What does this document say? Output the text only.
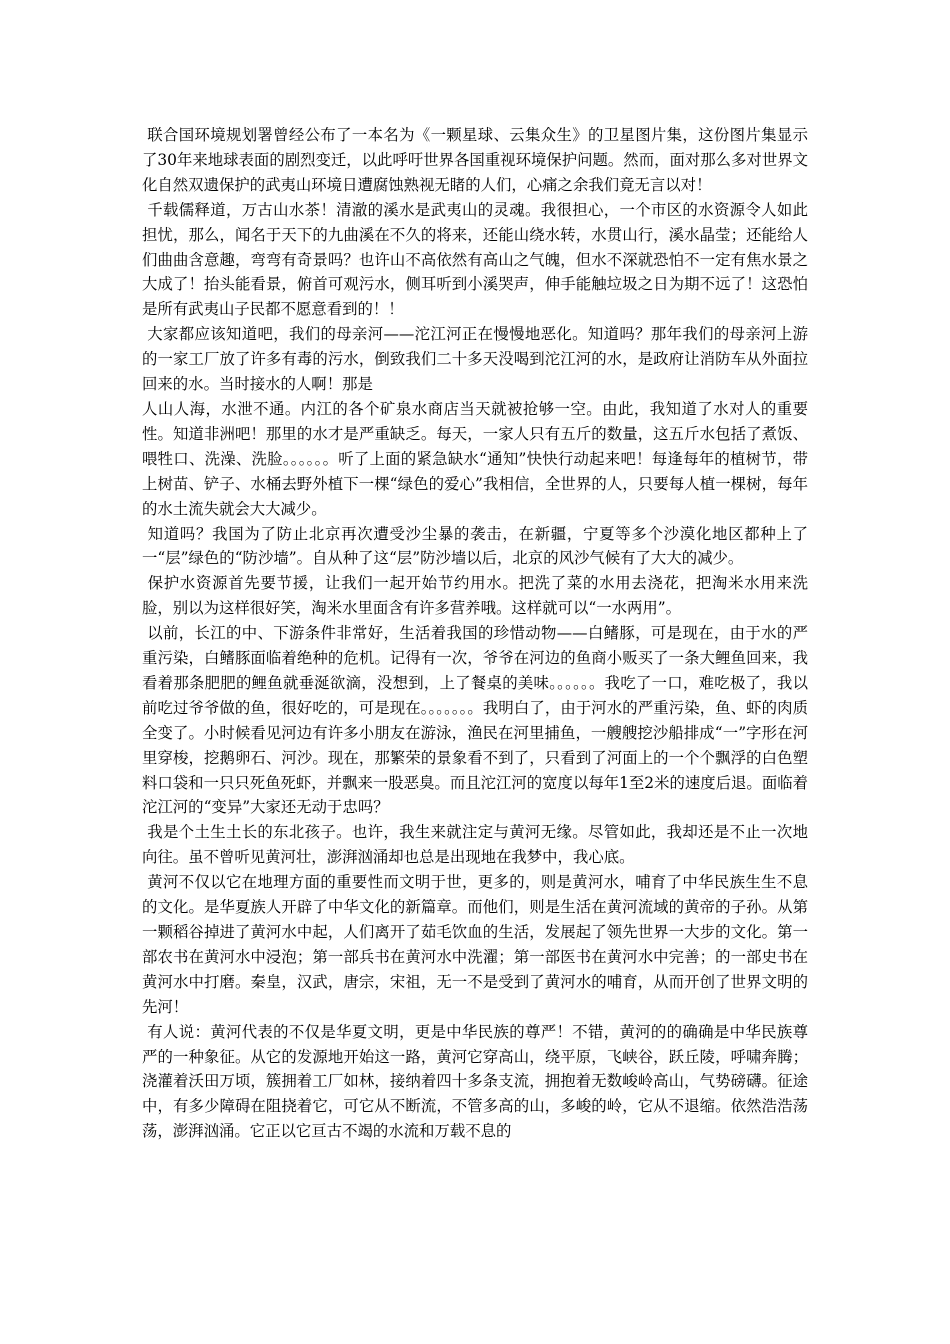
联合国环境规划署曾经公布了一本名为《一颗星球、云集众生》的卫星图片集，这份图片集显示了30年来地球表面的剧烈变迁，以此呼吁世界各国重视环境保护问题。然而，面对那么多对世界文化自然双遗保护的武夷山环境日遭腐蚀熟视无睹的人们，心痛之余我们竟无言以对！

千载儒释道，万古山水茶！清澈的溪水是武夷山的灵魂。我很担心，一个市区的水资源令人如此担忧，那么，闻名于天下的九曲溪在不久的将来，还能山绕水转，水贯山行，溪水晶莹；还能给人们曲曲含意趣，弯弯有奇景吗？也许山不高依然有高山之气魄，但水不深就恐怕不一定有焦水景之大成了！抬头能看景，俯首可观污水，侧耳听到小溪哭声，伸手能触垃圾之日为期不远了！这恐怕是所有武夷山子民都不愿意看到的！！

大家都应该知道吧，我们的母亲河——沱江河正在慢慢地恶化。知道吗？那年我们的母亲河上游的一家工厂放了许多有毒的污水，倒致我们二十多天没喝到沱江河的水，是政府让消防车从外面拉回来的水。当时接水的人啊！那是

人山人海，水泄不通。内江的各个矿泉水商店当天就被抢够一空。由此，我知道了水对人的重要性。知道非洲吧！那里的水才是严重缺乏。每天，一家人只有五斤的数量，这五斤水包括了煮饭、喂牲口、洗澡、洗脸。。。。。。听了上面的紧急缺水“通知”快快行动起来吧！每逢每年的植树节，带上树苗、铲子、水桶去野外植下一棵“绿色的爱心”我相信，全世界的人，只要每人植一棵树，每年的水土流失就会大大减少。

知道吗？我国为了防止北京再次遭受沙尘暴的袭击，在新疆，宁夏等多个沙漠化地区都种上了一“层”绿色的“防沙墙”。自从种了这“层”防沙墙以后，北京的风沙气候有了大大的减少。

保护水资源首先要节援，让我们一起开始节约用水。把洗了菜的水用去浇花，把淘米水用来洗脸，别以为这样很好笑，淘米水里面含有许多营养哦。这样就可以“一水两用”。

以前，长江的中、下游条件非常好，生活着我国的珍惜动物——白鳍豚，可是现在，由于水的严重污染，白鳍豚面临着绝种的危机。记得有一次，爷爷在河边的鱼商小贩买了一条大鲤鱼回来，我看着那条肥肥的鲤鱼就垂涎欲滴，没想到，上了餐桌的美味。。。。。。我吃了一口，难吃极了，我以前吃过爷爷做的鱼，很好吃的，可是现在。。。。。。。我明白了，由于河水的严重污染，鱼、虾的肉质全变了。小时候看见河边有许多小朋友在游泳，渔民在河里捕鱼，一艘艘挖沙船排成“一”字形在河里穿梭，挖鹅卵石、河沙。现在，那繁荣的景象看不到了，只看到了河面上的一个个飘浮的白色塑料口袋和一只只死鱼死虾，并飘来一股恶臭。而且沱江河的宽度以每年1至2米的速度后退。面临着沱江河的“变异”大家还无动于忠吗？

我是个土生土长的东北孩子。也许，我生来就注定与黄河无缘。尽管如此，我却还是不止一次地向往。虽不曾听见黄河壮，澎湃汹涌却也总是出现地在我梦中，我心底。

黄河不仅以它在地理方面的重要性而文明于世，更多的，则是黄河水，哺育了中华民族生生不息的文化。是华夏族人开辟了中华文化的新篇章。而他们，则是生活在黄河流域的黄帝的子孙。从第一颗稻谷掉进了黄河水中起，人们离开了茹毛饮血的生活，发展起了领先世界一大步的文化。第一部农书在黄河水中浸泡；第一部兵书在黄河水中洗濯；第一部医书在黄河水中完善；的一部史书在黄河水中打磨。秦皇，汉武，唐宗，宋祖，无一不是受到了黄河水的哺育，从而开创了世界文明的先河！

有人说：黄河代表的不仅是华夏文明，更是中华民族的尊严！不错，黄河的的确确是中华民族尊严的一种象征。从它的发源地开始这一路，黄河它穿高山，绕平原，飞峡谷，跃丘陵，呼啸奔腾；浇灌着沃田万顷，簇拥着工厂如林，接纳着四十多条支流，拥抱着无数峻岭高山，气势磅礴。征途中，有多少障碍在阻挠着它，可它从不断流，不管多高的山，多峻的岭，它从不退缩。依然浩浩荡荡，澎湃汹涌。它正以它亘古不竭的水流和万载不息的
